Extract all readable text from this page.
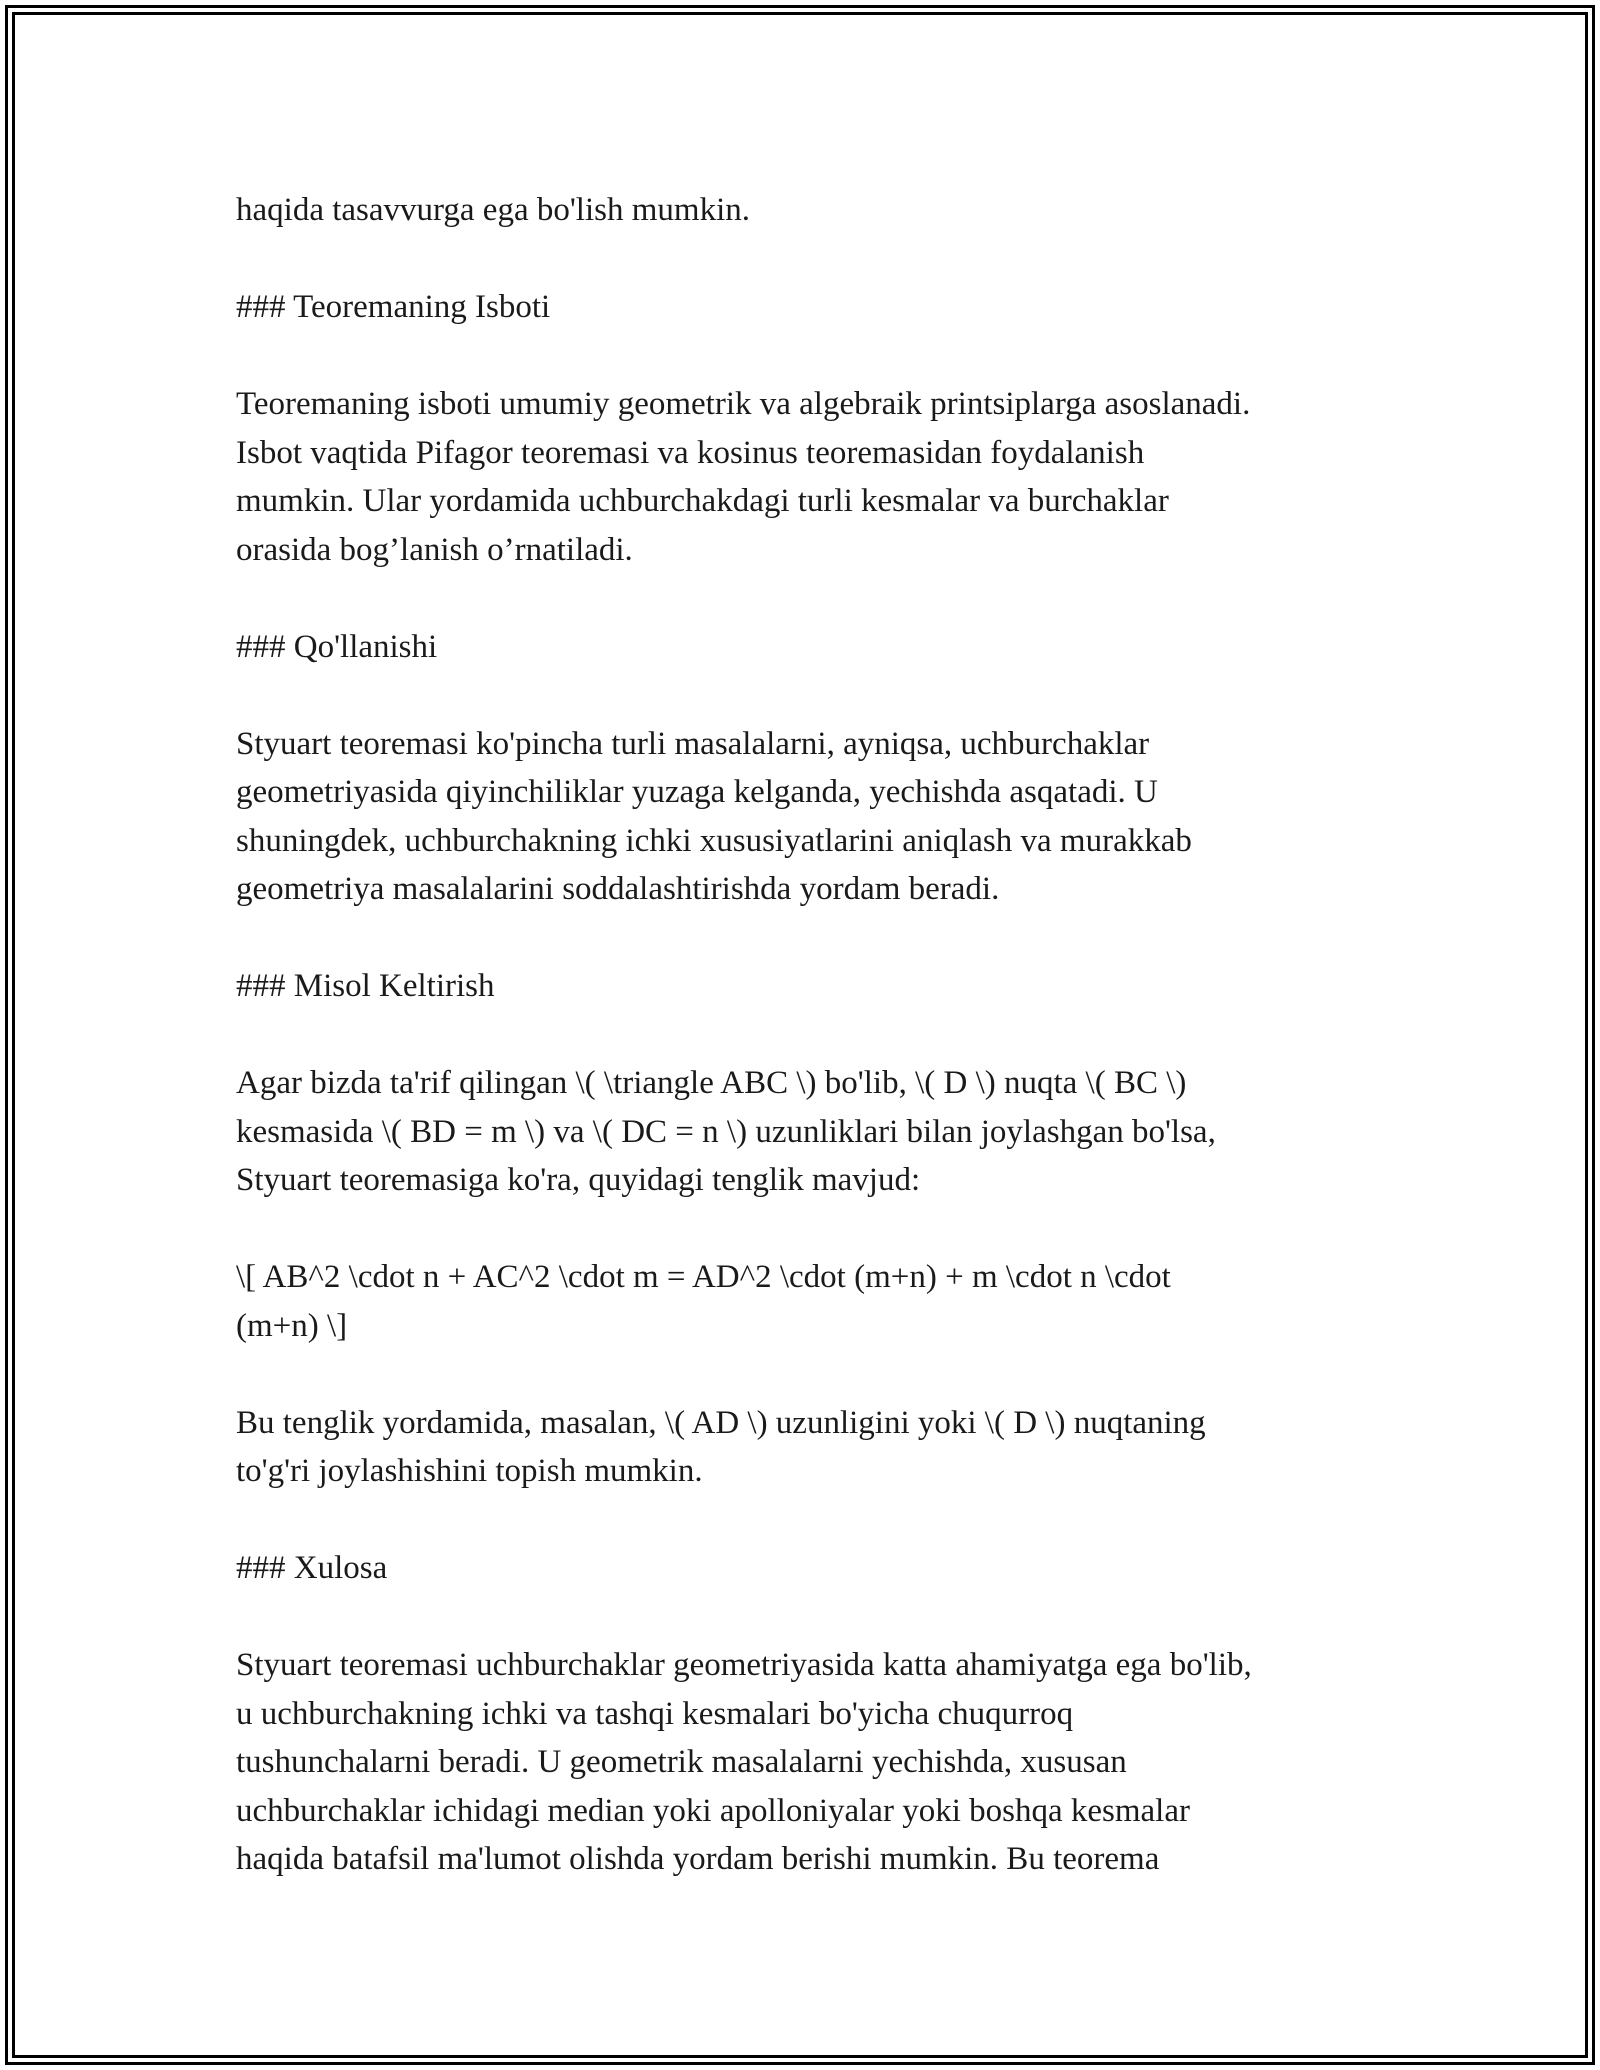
haqida tasavvurga ega bo'lish mumkin.

### Teoremaning Isboti

Teoremaning isboti umumiy geometrik va algebraik printsiplarga asoslanadi.
Isbot vaqtida Pifagor teoremasi va kosinus teoremasidan foydalanish
mumkin. Ular yordamida uchburchakdagi turli kesmalar va burchaklar
orasida bog’lanish o’rnatiladi.

### Qo'llanishi

Styuart teoremasi ko'pincha turli masalalarni, ayniqsa, uchburchaklar
geometriyasida qiyinchiliklar yuzaga kelganda, yechishda asqatadi. U
shuningdek, uchburchakning ichki xususiyatlarini aniqlash va murakkab
geometriya masalalarini soddalashtirishda yordam beradi.

### Misol Keltirish

Agar bizda ta'rif qilingan \( \triangle ABC \) bo'lib, \( D \) nuqta \( BC \)
kesmasida \( BD = m \) va \( DC = n \) uzunliklari bilan joylashgan bo'lsa,
Styuart teoremasiga ko'ra, quyidagi tenglik mavjud:

\[ AB^2 \cdot n + AC^2 \cdot m = AD^2 \cdot (m+n) + m \cdot n \cdot
(m+n) \]

Bu tenglik yordamida, masalan, \( AD \) uzunligini yoki \( D \) nuqtaning
to'g'ri joylashishini topish mumkin.

### Xulosa

Styuart teoremasi uchburchaklar geometriyasida katta ahamiyatga ega bo'lib,
u uchburchakning ichki va tashqi kesmalari bo'yicha chuqurroq
tushunchalarni beradi. U geometrik masalalarni yechishda, xususan
uchburchaklar ichidagi median yoki apolloniyalar yoki boshqa kesmalar
haqida batafsil ma'lumot olishda yordam berishi mumkin. Bu teorema
